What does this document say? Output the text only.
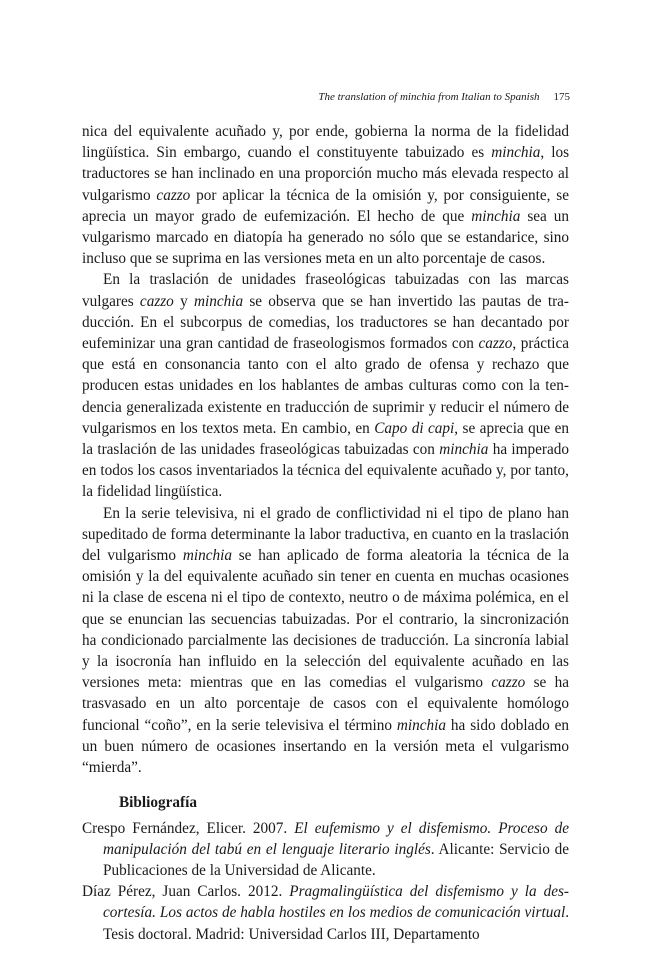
The translation of minchia from Italian to Spanish 175

nica del equivalente acuñado y, por ende, gobierna la norma de la fidelidad lingüística. Sin embargo, cuando el constituyente tabuizado es minchia, los traductores se han inclinado en una proporción mucho más elevada respecto al vulgarismo cazzo por aplicar la técnica de la omisión y, por consiguiente, se aprecia un mayor grado de eufemización. El hecho de que minchia sea un vulgarismo marcado en diatopía ha generado no sólo que se estandarice, sino incluso que se suprima en las versiones meta en un alto porcentaje de casos.

En la traslación de unidades fraseológicas tabuizadas con las marcas vulgares cazzo y minchia se observa que se han invertido las pautas de traducción. En el subcorpus de comedias, los traductores se han decantado por eufeminizar una gran cantidad de fraseologismos formados con cazzo, práctica que está en consonancia tanto con el alto grado de ofensa y rechazo que producen estas unidades en los hablantes de ambas culturas como con la tendencia generalizada existente en traducción de suprimir y reducir el número de vulgarismos en los textos meta. En cambio, en Capo di capi, se aprecia que en la traslación de las unidades fraseológicas tabuizadas con minchia ha imperado en todos los casos inventariados la técnica del equivalente acuñado y, por tanto, la fidelidad lingüística.

En la serie televisiva, ni el grado de conflictividad ni el tipo de plano han supeditado de forma determinante la labor traductiva, en cuanto en la traslación del vulgarismo minchia se han aplicado de forma aleatoria la técnica de la omisión y la del equivalente acuñado sin tener en cuenta en muchas ocasiones ni la clase de escena ni el tipo de contexto, neutro o de máxima polémica, en el que se enuncian las secuencias tabuizadas. Por el contrario, la sincronización ha condicionado parcialmente las decisiones de traducción. La sincronía labial y la isocronía han influido en la selección del equivalente acuñado en las versiones meta: mientras que en las comedias el vulgarismo cazzo se ha trasvasado en un alto porcentaje de casos con el equivalente homólogo funcional “coño”, en la serie televisiva el término minchia ha sido doblado en un buen número de ocasiones insertando en la versión meta el vulgarismo “mierda”.

Bibliografía

Crespo Fernández, Elicer. 2007. El eufemismo y el disfemismo. Proceso de manipulación del tabú en el lenguaje literario inglés. Alicante: Servicio de Publicaciones de la Universidad de Alicante.

Díaz Pérez, Juan Carlos. 2012. Pragmalingüística del disfemismo y la descortesía. Los actos de habla hostiles en los medios de comunicación virtual. Tesis doctoral. Madrid: Universidad Carlos III, Departamento
